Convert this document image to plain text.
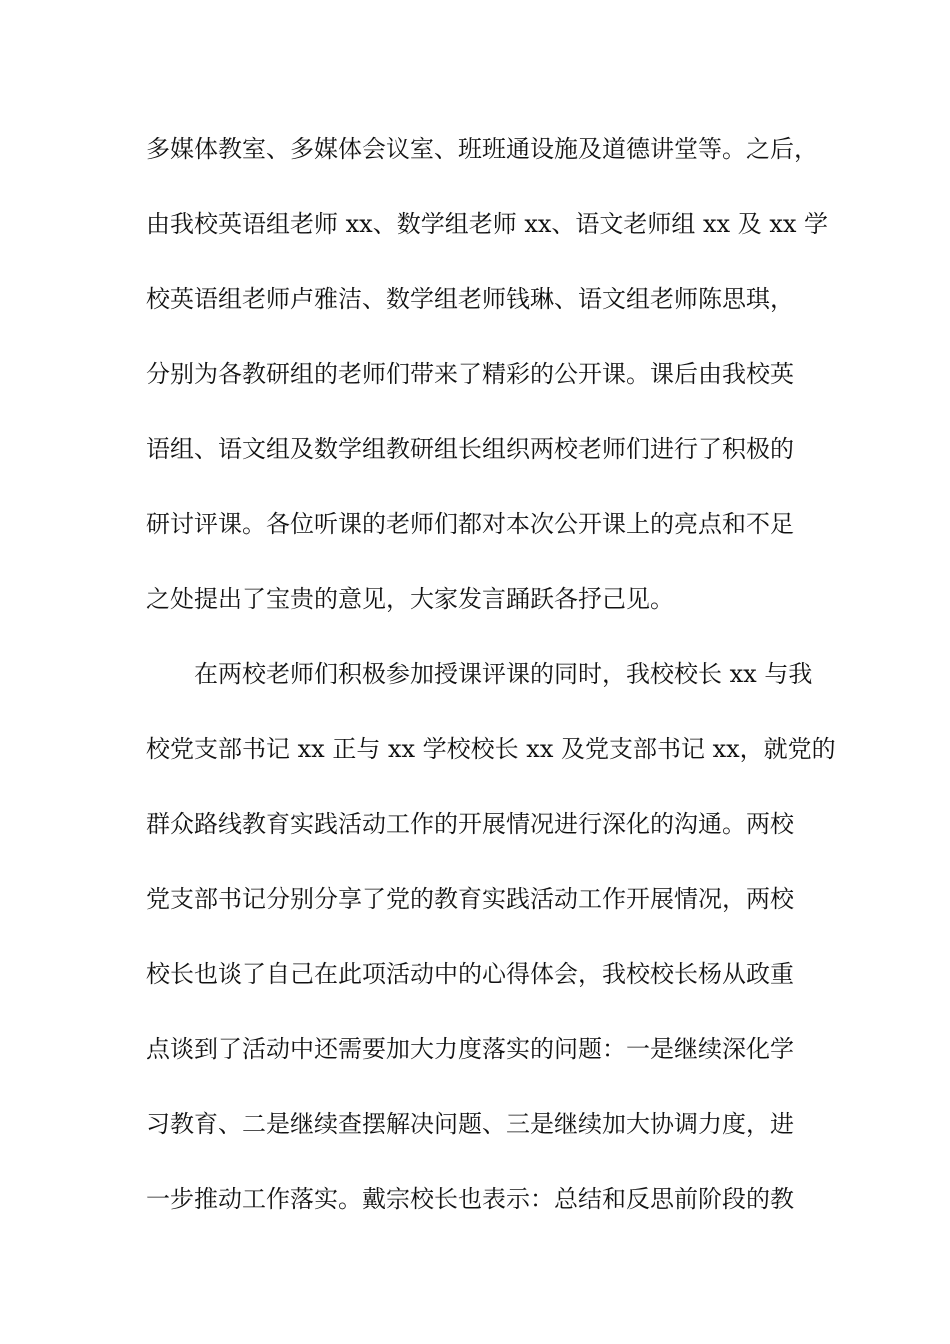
多媒体教室、多媒体会议室、班班通设施及道德讲堂等。之后，
由我校英语组老师 xx、数学组老师 xx、语文老师组 xx 及 xx 学
校英语组老师卢雅洁、数学组老师钱琳、语文组老师陈思琪，
分别为各教研组的老师们带来了精彩的公开课。课后由我校英
语组、语文组及数学组教研组长组织两校老师们进行了积极的
研讨评课。各位听课的老师们都对本次公开课上的亮点和不足
之处提出了宝贵的意见，大家发言踊跃各抒己见。
在两校老师们积极参加授课评课的同时，我校校长 xx 与我
校党支部书记 xx 正与 xx 学校校长 xx 及党支部书记 xx，就党的
群众路线教育实践活动工作的开展情况进行深化的沟通。两校
党支部书记分别分享了党的教育实践活动工作开展情况，两校
校长也谈了自己在此项活动中的心得体会，我校校长杨从政重
点谈到了活动中还需要加大力度落实的问题：一是继续深化学
习教育、二是继续查摆解决问题、三是继续加大协调力度，进
一步推动工作落实。戴宗校长也表示：总结和反思前阶段的教
